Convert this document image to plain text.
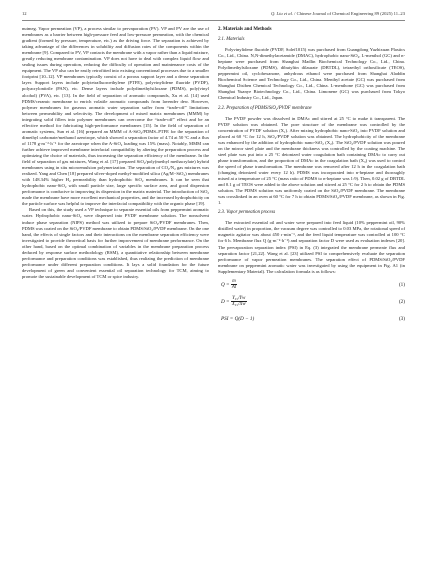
12	Q. Liu et al. / Chinese Journal of Chemical Engineering 89 (2025) 11–23

nutmeg. Vapor permeation (VP), a process similar to pervaporation (PV). VP and PV are the use of membranes as a barrier between high-pressure feed and low-pressure permeation, with the chemical gradient (formed by pressure, temperature, etc.) as the driving force. The separation is achieved by taking advantage of the differences in solubility and diffusion rates of the components within the membrane [9]. Compared to PV, VP contacts the membrane with a vapor rather than a liquid mixture, greatly reducing membrane contamination. VP does not have to deal with complex liquid flow and sealing issues during operation, reducing the difficulty of operation and maintenance costs of the equipment. The VP also can be easily retrofitted into existing conventional processes due to a smaller footprint [10–12]. VP membranes typically consist of a porous support layer and a dense separation layer. Support layers include polytetrafluoroethylene (PTFE), polyvinylidene fluoride (PVDF), polyacrylonitrile (PAN), etc. Dense layers include polydimethylsiloxane (PDMS), poly(vinyl alcohol) (PVA), etc. [13]. In the field of separation of aromatic compounds, Xu et al. [14] used PDMS/ceramic membrane to enrich volatile aromatic compounds from lavender dew. However, polymer membranes for gaseous aromatic water separation suffer from “trade-off” limitations between permeability and selectivity. The development of mixed matrix membranes (MMM) by integrating solid fillers into polymer membranes can overcome the “trade-off” effect and be an effective method for fabricating high-performance membranes [15]. In the field of separation of aromatic systems, Sun et al. [16] prepared an MMM of A-SiO₂/PDMS–PTFE for the separation of dimethyl carbonate/methanol azeotrope, which showed a separation factor of 4.74 at 50 °C and a flux of 1178 g·m⁻²·h⁻¹ for the azeotrope when the A-SiO₂ loading was 15% (mass). Notably, MMM can further achieve improved membrane interfacial compatibility by altering the preparation process and optimizing the choice of materials, thus increasing the separation efficiency of the membrane. In the field of separation of gas mixtures, Wang et al. [17] prepared SiO₂/poly(methyl methacrylate) hybrid membranes using in situ microemulsion polymerization. The separation of CO₂/N₂ gas mixtures was realized. Yang and Chen [18] prepared silver-doped methyl-modified silica (Ag/M−SiO₂) membranes with 148.34% higher H₂ permeability than hydrophobic SiO₂ membranes. It can be seen that hydrophobic nano-SiO₂ with small particle size, large specific surface area, and good dispersion performance is conducive to improving its dispersion in the matrix material. The introduction of SiO₂ made the membrane have more excellent mechanical properties, and the increased hydrophobicity on the particle surface was helpful to improve the interfacial compatibility with the organic phase [19].

Based on this, the study used a VP technique to separate essential oils from peppermint aromatic water. Hydrophobic nano-SiO₂ were dispersed into PVDF membrane solution. The nonsolvent induce phase separation (NIPS) method was utilized to prepare SiO₂/PVDF membranes. Then, PDMS was coated on the SiO₂/PVDF membrane to obtain PDMS/SiO₂/PVDF membrane. On the one hand, the effects of single factors and their interactions on the membrane separation efficiency were investigated to provide theoretical basis for further improvement of membrane performance. On the other hand, based on the optimal combination of variables in the membrane preparation process deduced by response surface methodology (RSM), a quantitative relationship between membrane performance and preparation conditions was established, thus realizing the prediction of membrane performance under different preparation conditions. It lays a solid foundation for the future development of green and convenient essential oil separation technology for TCM, aiming to promote the sustainable development of TCM or spice industry.

2. Materials and Methods
2.1. Materials

Polyvinylidene fluoride (PVDF, Solef1015) was purchased from Guangdong Yuzhixuan Plastics Co., Ltd., China. N,N-dimethylacetamide (DMAC), hydrophobic nano-SiO₂, L-menthol (GC) and n-heptane were purchased from Shanghai Madlin Biochemical Technology Co., Ltd., China. Polydimethylsiloxane (PDMS), dibutyltin dilaurate (DBTDL), tetraethyl orthosilicate (TEOS), peppermint oil, cyclohexanone, anhydrous ethanol were purchased from Shanghai Aladdin Biochemical Science and Technology Co., Ltd., China. Menthyl acetate (GC) was purchased from Shanghai Disiben Chemical Technology Co., Ltd., China. L-menthone (GC) was purchased from Shanghai Yuanye Biotechnology Co., Ltd., China. Limonene (GC) was purchased from Tokyo Chemical Industry Co., Ltd., Japan.

2.2. Preparation of PDMS/SiO₂/PVDF membrane

The PVDF powder was dissolved in DMAc and stirred at 25 °C to make it transparent. The PVDF solution was obtained. The pore structure of the membrane was controlled by the concentration of PVDF solution (X₁). After mixing hydrophobic nano-SiO₂ into PVDF solution and placed at 60 °C for 12 h, SiO₂/PVDF solution was obtained. The hydrophobicity of the membrane was enhanced by the addition of hydrophobic nano-SiO₂ (X₂). The SiO₂/PVDF solution was poured on the mirror steel plate and the membrane thickness was controlled by the coating machine. The steel plate was put into a 25 °C deionized water coagulation bath containing DMAc to carry out phase transformation, and the proportion of DMAc in the coagulation bath (X₃) was used to control the speed of phase transformation. The membrane was removed after 12 h in the coagulation bath (changing deionized water every 12 h). PDMS was incorporated into n-heptane and thoroughly mixed at a temperature of 25 °C (mass ratio of PDMS to n-heptane was 1:9). Then, 0.02 g of DBTDL and 0.1 g of TEOS were added to the above solution and stirred at 25 °C for 2 h to obtain the PDMS solution. The PDMS solution was uniformly coated on the SiO₂/PVDF membrane. The membrane was crosslinked in an oven at 60 °C for 7 h to obtain PDMS/SiO₂/PVDF membrane, as shown in Fig. 1.

2.3. Vapor permeation process

The extracted essential oil and water were prepared into feed liquid (10% peppermint oil, 90% distilled water) in proportion, the vacuum degree was controlled to 0.03 MPa, the rotational speed of magnetic agitator was about 450 r·min⁻¹, and the feed liquid temperature was controlled at 100 °C for 6 h. Membrane flux Q (g·m⁻²·h⁻¹) and separation factor D were used as evaluation indexes [20]. The pervaporation separation index (PSI) in Eq. (3) integrated the membrane permeate flux and separation factor [21,22]. Wang et al. [23] utilized PSI to comprehensively evaluate the separation performance of vapor permeation membranes. The separation effect of PDMS/SiO₂/PVDF membrane on peppermint aromatic water was investigated by using the equipment in Fig. A1 (in Supplementary Material). The calculation formula is as follows:

$Q = \frac{m}{At}$	(1)
$D = \frac{\text{Y₀₁/Yw}}{\text{X₀₁/Xw}}$	(2)
PSI = Q(D − 1)	(3)
